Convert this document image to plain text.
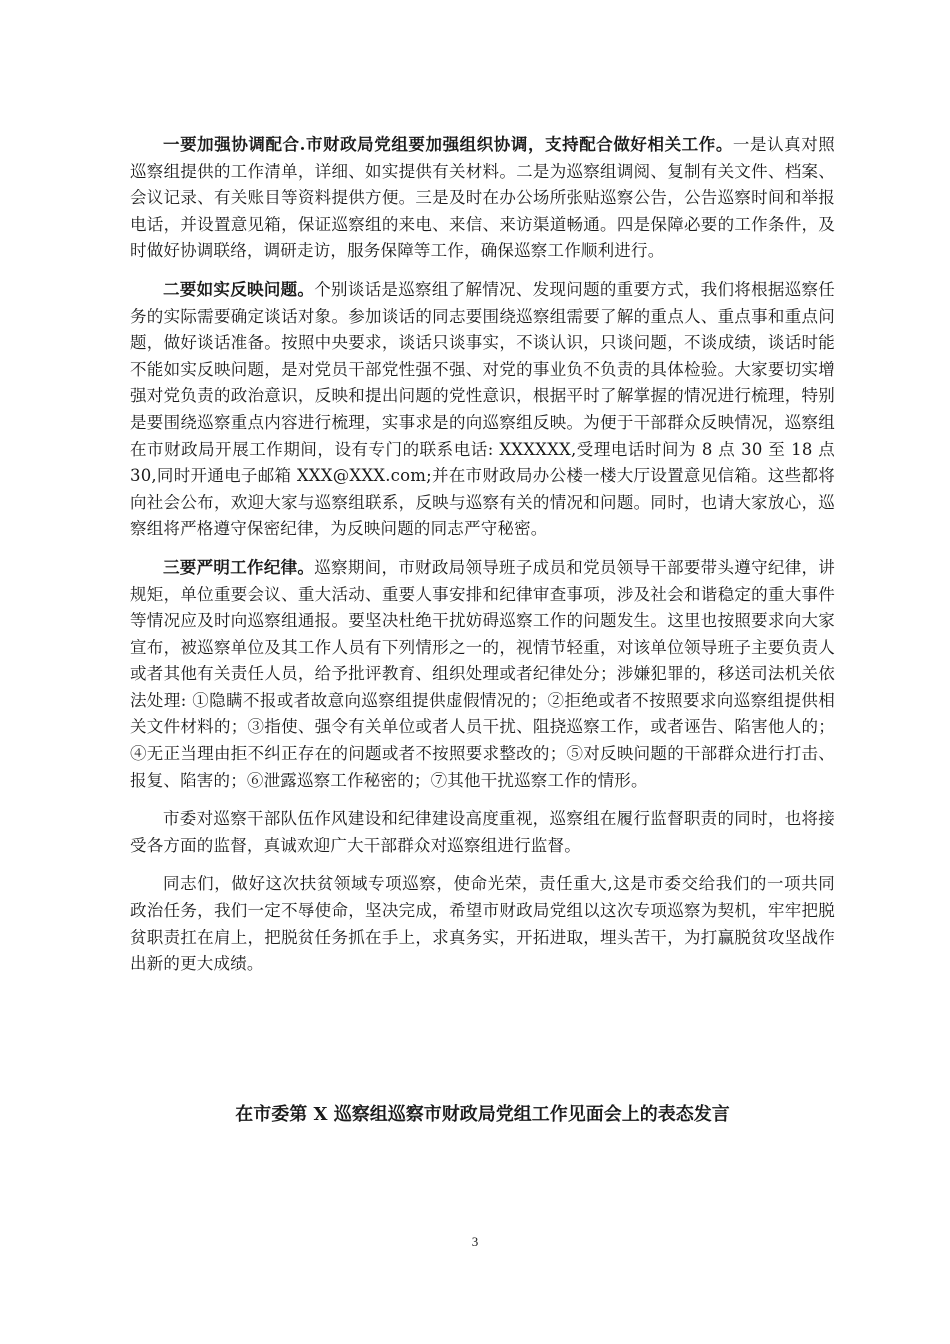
一要加强协调配合.市财政局党组要加强组织协调，支持配合做好相关工作。一是认真对照巡察组提供的工作清单，详细、如实提供有关材料。二是为巡察组调阅、复制有关文件、档案、会议记录、有关账目等资料提供方便。三是及时在办公场所张贴巡察公告，公告巡察时间和举报电话，并设置意见箱，保证巡察组的来电、来信、来访渠道畅通。四是保障必要的工作条件，及时做好协调联络，调研走访，服务保障等工作，确保巡察工作顺利进行。

二要如实反映问题。个别谈话是巡察组了解情况、发现问题的重要方式，我们将根据巡察任务的实际需要确定谈话对象。参加谈话的同志要围绕巡察组需要了解的重点人、重点事和重点问题，做好谈话准备。按照中央要求，谈话只谈事实，不谈认识，只谈问题，不谈成绩，谈话时能不能如实反映问题，是对党员干部党性强不强、对党的事业负不负责的具体检验。大家要切实增强对党负责的政治意识，反映和提出问题的党性意识，根据平时了解掌握的情况进行梳理，特别是要围绕巡察重点内容进行梳理，实事求是的向巡察组反映。为便于干部群众反映情况，巡察组在市财政局开展工作期间，设有专门的联系电话: XXXXXX,受理电话时间为 8 点 30 至 18 点 30,同时开通电子邮箱 XXX@XXX.com;并在市财政局办公楼一楼大厅设置意见信箱。这些都将向社会公布，欢迎大家与巡察组联系，反映与巡察有关的情况和问题。同时，也请大家放心，巡察组将严格遵守保密纪律，为反映问题的同志严守秘密。

三要严明工作纪律。巡察期间，市财政局领导班子成员和党员领导干部要带头遵守纪律，讲规矩，单位重要会议、重大活动、重要人事安排和纪律审查事项，涉及社会和谐稳定的重大事件等情况应及时向巡察组通报。要坚决杜绝干扰妨碍巡察工作的问题发生。这里也按照要求向大家宣布，被巡察单位及其工作人员有下列情形之一的，视情节轻重，对该单位领导班子主要负责人或者其他有关责任人员，给予批评教育、组织处理或者纪律处分；涉嫌犯罪的，移送司法机关依法处理: ①隐瞒不报或者故意向巡察组提供虚假情况的；②拒绝或者不按照要求向巡察组提供相关文件材料的；③指使、强令有关单位或者人员干扰、阻挠巡察工作，或者诬告、陷害他人的；④无正当理由拒不纠正存在的问题或者不按照要求整改的；⑤对反映问题的干部群众进行打击、报复、陷害的；⑥泄露巡察工作秘密的；⑦其他干扰巡察工作的情形。

市委对巡察干部队伍作风建设和纪律建设高度重视，巡察组在履行监督职责的同时，也将接受各方面的监督，真诚欢迎广大干部群众对巡察组进行监督。

同志们，做好这次扶贫领域专项巡察，使命光荣，责任重大,这是市委交给我们的一项共同政治任务，我们一定不辱使命，坚决完成，希望市财政局党组以这次专项巡察为契机，牢牢把脱贫职责扛在肩上，把脱贫任务抓在手上，求真务实，开拓进取，埋头苦干，为打赢脱贫攻坚战作出新的更大成绩。

在市委第 X 巡察组巡察市财政局党组工作见面会上的表态发言

3
